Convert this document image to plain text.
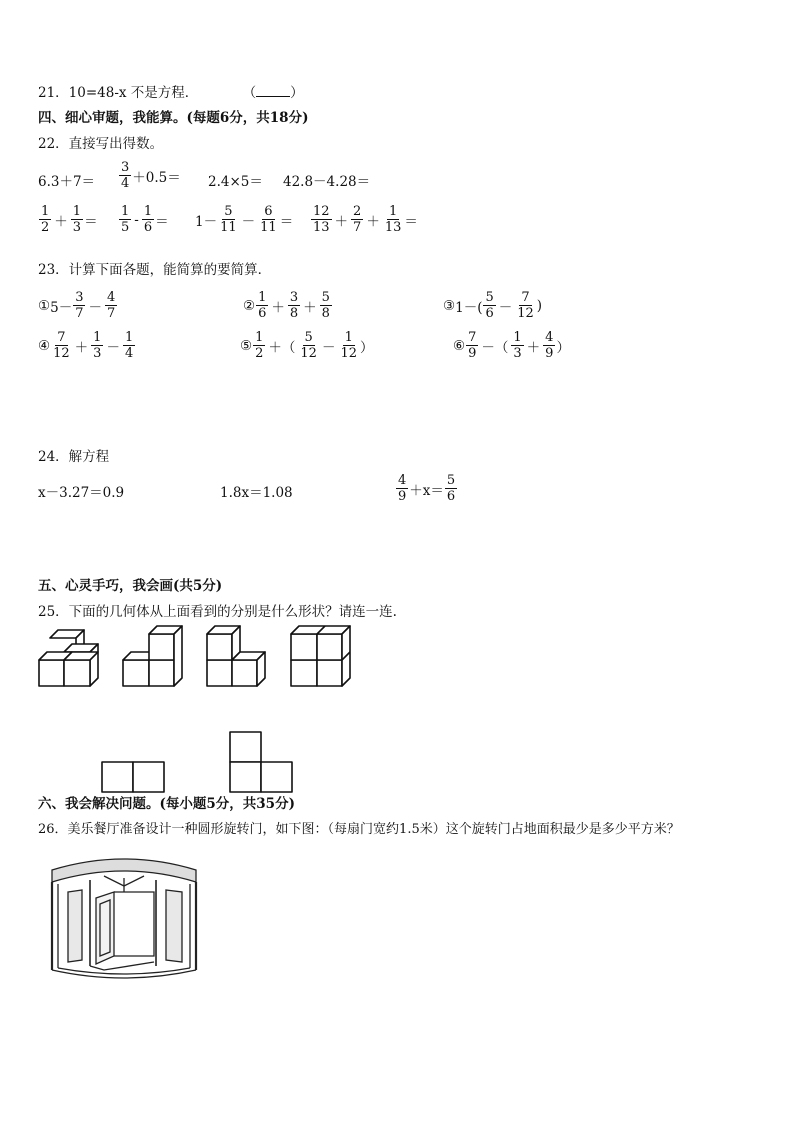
21．10=48-x 不是方程．	（	）
四、细心审题，我能算。(每题6分，共18分)
22．直接写出得数。
$6.3+7= \frac{3}{4} +0.5= 2.4\times 5= 42.8-4.28=$
$\frac{1}{2} + \frac{1}{3} = \frac{1}{5} - \frac{1}{6} = 1- \frac{5}{11} - \frac{6}{11} = \frac{12}{13} + \frac{2}{7} + \frac{1}{13}$ ＝
23．计算下面各题，能简算的要简算．
① $5- \frac{3}{7} - \frac{4}{7}$	② $\frac{1}{6} + \frac{3}{8} + \frac{5}{8}$	③ $1-( \frac{5}{6} - \frac{7}{12}$ )
④ $\frac{7}{12} + \frac{1}{3} - \frac{1}{4}$	⑤ $\frac{1}{2}$ ＋（ $\frac{5}{12} - \frac{1}{12}$ ）	⑥ $\frac{7}{9}$ －（ $\frac{1}{3} + \frac{4}{9}$ ）
24．解方程
x－3.27＝0.9	1.8x＝1.08	$\frac{4}{9} +x= \frac{5}{6}$
五、心灵手巧，我会画(共5分)
25．下面的几何体从上面看到的分别是什么形状？请连一连.
六、我会解决问题。(每小题5分，共35分)
26．美乐餐厅准备设计一种圆形旋转门，如下图：（每扇门宽约1.5米）这个旋转门占地面积最少是多少平方米？
